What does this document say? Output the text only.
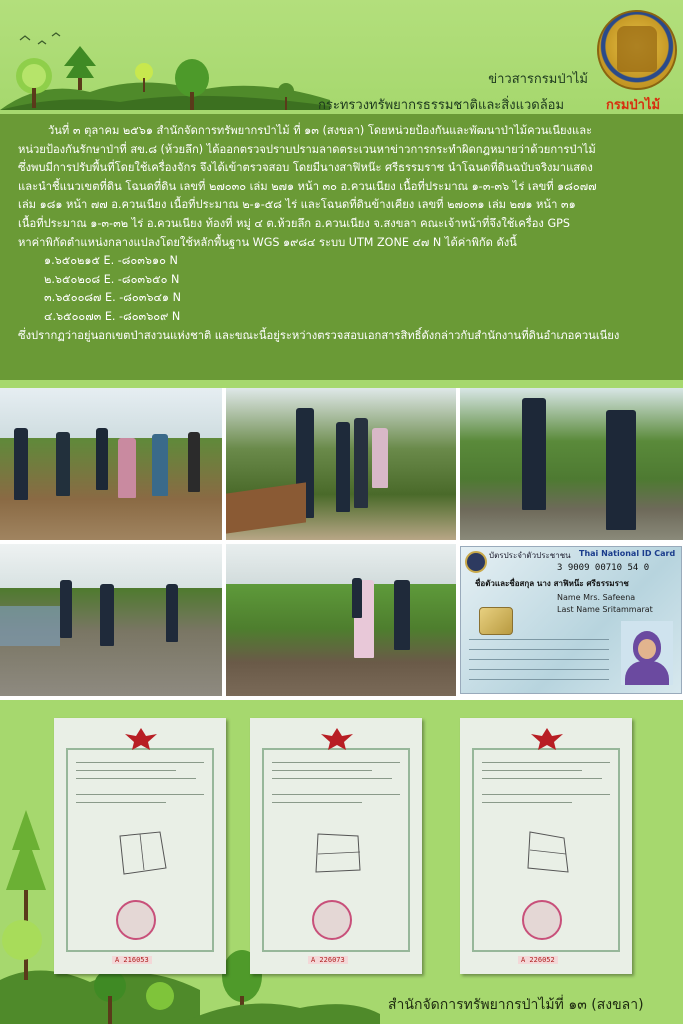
ข่าวสารกรมป่าไม้
กระทรวงทรัพยากรธรรมชาติและสิ่งแวดล้อม	กรมป่าไม้

วันที่ ๓ ตุลาคม ๒๕๖๑ สำนักจัดการทรัพยากรป่าไม้ ที่ ๑๓ (สงขลา) โดยหน่วยป้องกันและพัฒนาป่าไม้ควนเนียงและ

หน่วยป้องกันรักษาป่าที่ สข.๘ (ห้วยลึก) ได้ออกตรวจปราบปรามลาดตระเวนหาข่าวการกระทำผิดกฎหมายว่าด้วยการป่าไม้

ซึ่งพบมีการปรับพื้นที่โดยใช้เครื่องจักร จึงได้เข้าตรวจสอบ โดยมีนางสาฟิหน๊ะ ศรีธรรมราช นำโฉนดที่ดินฉบับจริงมาแสดง

และนำชี้แนวเขตที่ดิน โฉนดที่ดิน เลขที่ ๒๗๐๓๐ เล่ม ๒๗๑ หน้า ๓๐ อ.ควนเนียง เนื้อที่ประมาณ ๑-๓-๓๖ ไร่ เลขที่ ๑๘๐๗๗

เล่ม ๑๘๑ หน้า ๗๗ อ.ควนเนียง เนื้อที่ประมาณ ๒-๑-๕๘ ไร่ และโฉนดที่ดินข้างเคียง เลขที่ ๒๗๐๓๑ เล่ม ๒๗๑ หน้า ๓๑

เนื้อที่ประมาณ ๑-๓-๓๒ ไร่ อ.ควนเนียง ท้องที่ หมู่ ๔ ต.ห้วยลึก อ.ควนเนียง จ.สงขลา คณะเจ้าหน้าที่จึงใช้เครื่อง GPS

หาค่าพิกัดตำแหน่งกลางแปลงโดยใช้หลักพื้นฐาน WGS ๑๙๘๔ ระบบ UTM ZONE ๔๗ N ได้ค่าพิกัด ดังนี้

๑.๖๕๐๒๑๕ E. -๘๐๓๖๑๐ N

๒.๖๕๐๒๐๘ E. -๘๐๓๖๕๐ N

๓.๖๕๐๐๘๗ E. -๘๐๓๖๔๑ N

๔.๖๕๐๐๗๓ E. -๘๐๓๖๐๙ N

ซึ่งปรากฏว่าอยู่นอกเขตป่าสงวนแห่งชาติ และขณะนี้อยู่ระหว่างตรวจสอบเอกสารสิทธิ์ดังกล่าวกับสำนักงานที่ดินอำเภอควนเนียง

บัตรประจำตัวประชาชน Thai National ID Card
3 9009 00710 54 0
ชื่อตัวและชื่อสกุล นาง สาฟิหน๊ะ ศรีธรรมราช
Name Mrs. Safeena
Last Name Sritammarat
A 216053	A 226073	A 226052
สำนักจัดการทรัพยากรป่าไม้ที่ ๑๓ (สงขลา)
